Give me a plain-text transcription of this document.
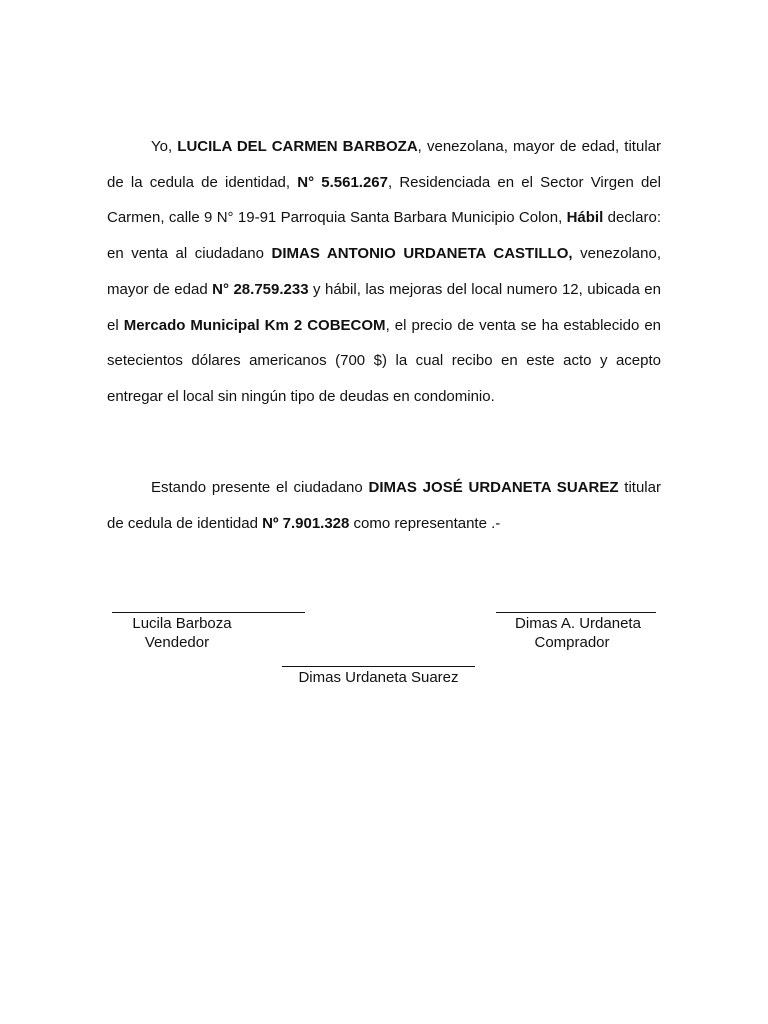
Yo, LUCILA DEL CARMEN BARBOZA, venezolana, mayor de edad, titular de la cedula de identidad, N° 5.561.267, Residenciada en el Sector Virgen del Carmen, calle 9 N° 19-91 Parroquia Santa Barbara Municipio Colon, Hábil declaro: en venta al ciudadano DIMAS ANTONIO URDANETA CASTILLO, venezolano, mayor de edad N° 28.759.233 y hábil, las mejoras del local numero 12, ubicada en el Mercado Municipal Km 2 COBECOM, el precio de venta se ha establecido en setecientos dólares americanos (700 $) la cual recibo en este acto y acepto entregar el local sin ningún tipo de deudas en condominio.

Estando presente el ciudadano DIMAS JOSÉ URDANETA SUAREZ titular de cedula de identidad Nº 7.901.328 como representante .-

Lucila Barboza
Vendedor
Dimas A. Urdaneta
Comprador
Dimas Urdaneta Suarez
